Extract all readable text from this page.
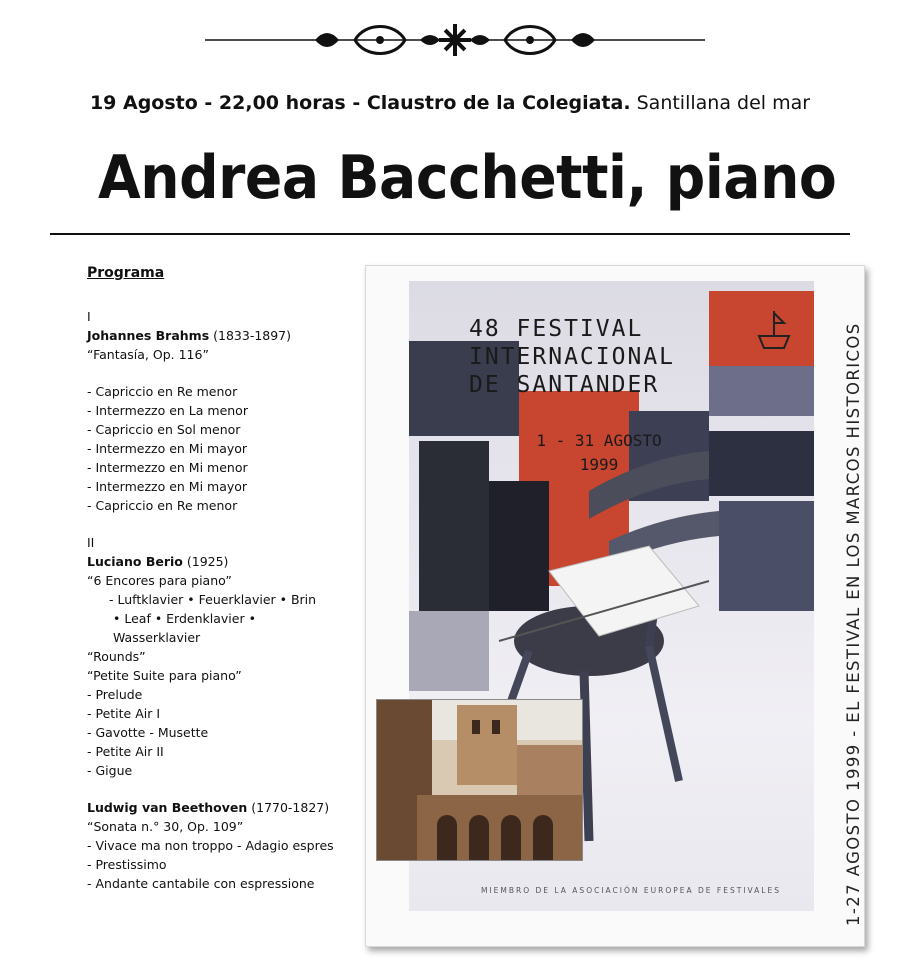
19 Agosto - 22,00 horas - Claustro de la Colegiata. Santillana del mar
Andrea Bacchetti, piano
Programa
I
Johannes Brahms (1833-1897)
“Fantasía, Op. 116”
- Capriccio en Re menor
- Intermezzo en La menor
- Capriccio en Sol menor
- Intermezzo en Mi mayor
- Intermezzo en Mi menor
- Intermezzo en Mi mayor
- Capriccio en Re menor
II
Luciano Berio (1925)
“6 Encores para piano”
- Luftklavier • Feuerklavier • Brin
• Leaf • Erdenklavier • Wasserklavier
“Rounds”
“Petite Suite para piano”
- Prelude
- Petite Air I
- Gavotte - Musette
- Petite Air II
- Gigue
Ludwig van Beethoven (1770-1827)
“Sonata n.° 30, Op. 109”
- Vivace ma non troppo - Adagio espres
- Prestissimo
- Andante cantabile con espressione
48 FESTIVAL
INTERNACIONAL
DE SANTANDER
1 - 31 AGOSTO
1999
MIEMBRO DE LA ASOCIACIÓN EUROPEA DE FESTIVALES	1-27 AGOSTO 1999 - EL FESTIVAL EN LOS MARCOS HISTORICOS
